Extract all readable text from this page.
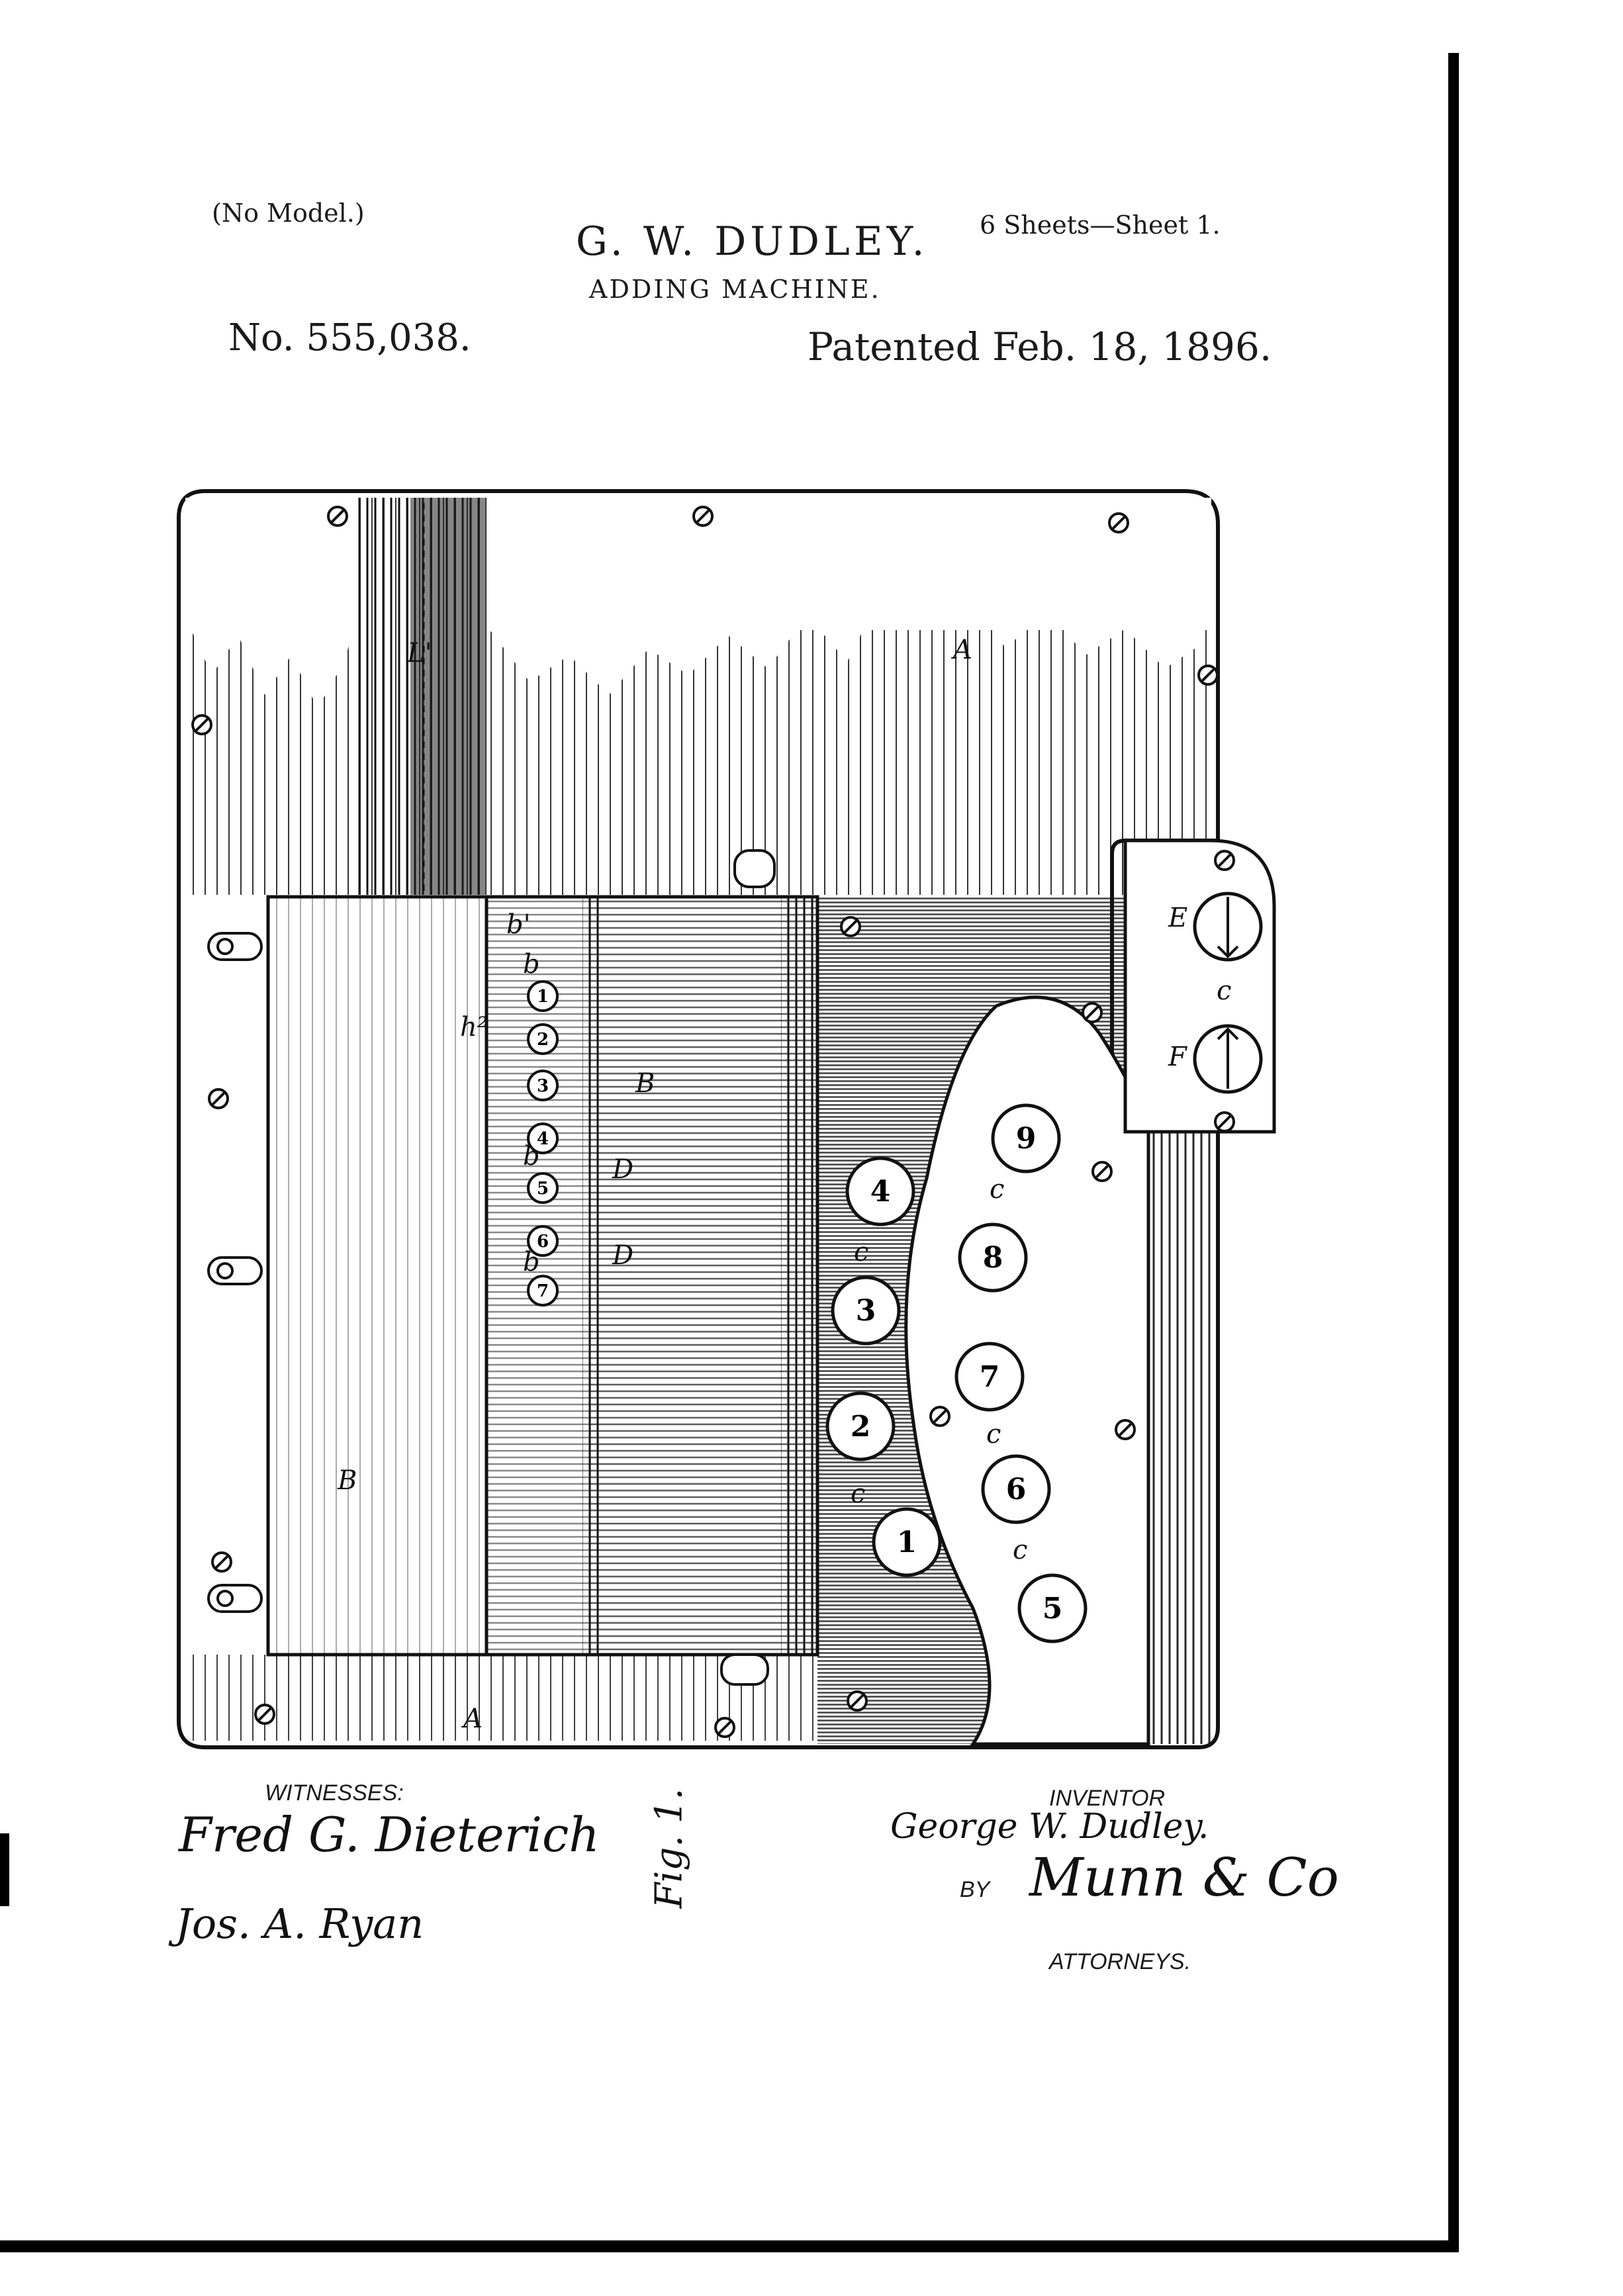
(No Model.)	6 Sheets—Sheet 1.
G. W. DUDLEY.
ADDING MACHINE.
No. 555,038.	Patented Feb. 18, 1896.
1
2
3
4
5
6
7
1
2
3
4
5
6
7
8
9
A
L'
B
B
D
D
A
E
F
c
c
c
c
c
c
b
b
b
b'
h²
WITNESSES:
Fred G. Dieterich
Jos. A. Ryan
Fig. 1.	INVENTOR
George W. Dudley.
BY Munn & Co
ATTORNEYS.
